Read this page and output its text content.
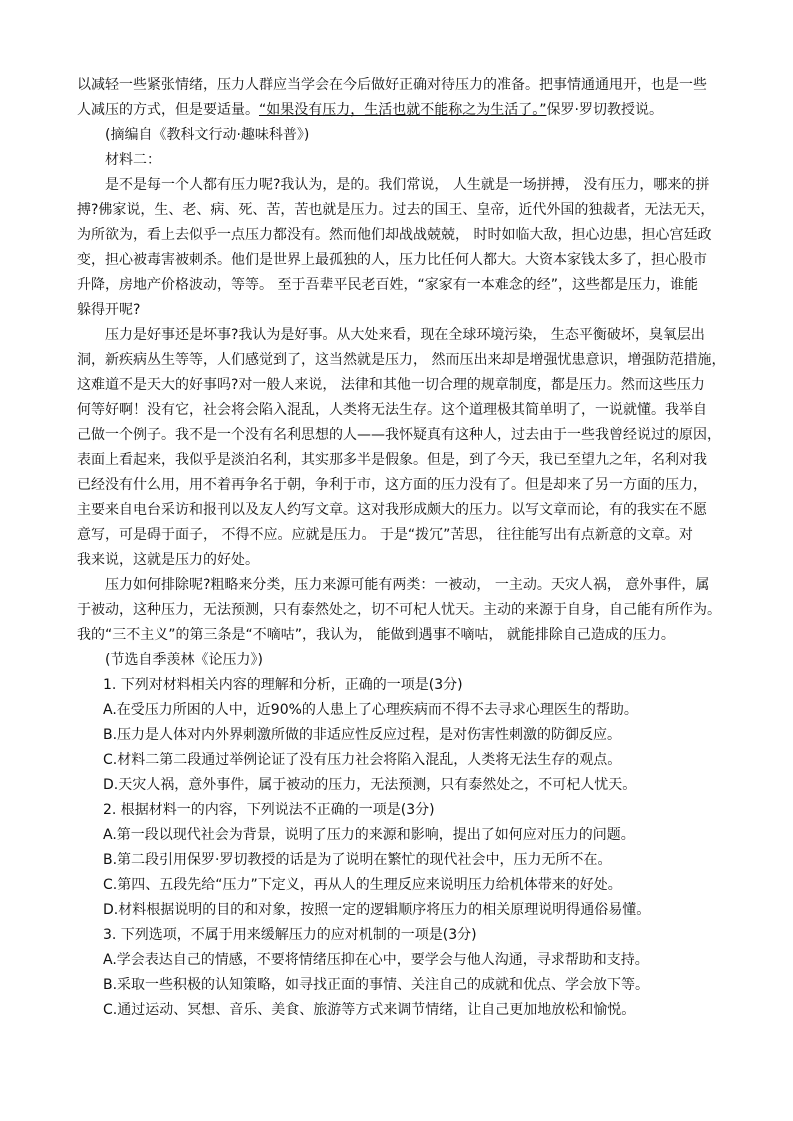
以减轻一些紧张情绪，压力人群应当学会在今后做好正确对待压力的准备。把事情通通甩开，也是一些
人减压的方式，但是要适量。“如果没有压力，生活也就不能称之为生活了。”保罗·罗切教授说。
(摘编自《教科文行动·趣味科普》)
材料二：
是不是每一个人都有压力呢?我认为，是的。我们常说， 人生就是一场拼搏， 没有压力，哪来的拼
搏?佛家说，生、老、病、死、苦，苦也就是压力。过去的国王、皇帝，近代外国的独裁者，无法无天，
为所欲为，看上去似乎一点压力都没有。然而他们却战战兢兢， 时时如临大敌，担心边患，担心宫廷政
变，担心被毒害被刺杀。他们是世界上最孤独的人，压力比任何人都大。大资本家钱太多了，担心股市
升降，房地产价格波动，等等。 至于吾辈平民老百姓，“家家有一本难念的经”，这些都是压力，谁能
躲得开呢?
压力是好事还是坏事?我认为是好事。从大处来看，现在全球环境污染， 生态平衡破坏，臭氧层出
洞，新疾病丛生等等，人们感觉到了，这当然就是压力， 然而压出来却是增强忧患意识，增强防范措施，
这难道不是天大的好事吗?对一般人来说， 法律和其他一切合理的规章制度，都是压力。然而这些压力
何等好啊！没有它，社会将会陷入混乱，人类将无法生存。这个道理极其简单明了，一说就懂。我举自
己做一个例子。我不是一个没有名利思想的人——我怀疑真有这种人，过去由于一些我曾经说过的原因，
表面上看起来，我似乎是淡泊名利，其实那多半是假象。但是，到了今天，我已至望九之年，名利对我
已经没有什么用，用不着再争名于朝，争利于市，这方面的压力没有了。但是却来了另一方面的压力，
主要来自电台采访和报刊以及友人约写文章。这对我形成颇大的压力。以写文章而论，有的我实在不愿
意写，可是碍于面子， 不得不应。应就是压力。 于是“拨冗”苦思， 往往能写出有点新意的文章。对
我来说，这就是压力的好处。
压力如何排除呢?粗略来分类，压力来源可能有两类：一被动， 一主动。天灾人祸， 意外事件，属
于被动，这种压力，无法预测，只有泰然处之，切不可杞人忧天。主动的来源于自身，自己能有所作为。
我的“三不主义”的第三条是“不嘀咕”，我认为， 能做到遇事不嘀咕， 就能排除自己造成的压力。
(节选自季羡林《论压力》)
1. 下列对材料相关内容的理解和分析，正确的一项是(3分)
A.在受压力所困的人中，近90%的人患上了心理疾病而不得不去寻求心理医生的帮助。
B.压力是人体对内外界刺激所做的非适应性反应过程，是对伤害性刺激的防御反应。
C.材料二第二段通过举例论证了没有压力社会将陷入混乱，人类将无法生存的观点。
D.天灾人祸，意外事件，属于被动的压力，无法预测，只有泰然处之，不可杞人忧天。
2. 根据材料一的内容，下列说法不正确的一项是(3分)
A.第一段以现代社会为背景，说明了压力的来源和影响，提出了如何应对压力的问题。
B.第二段引用保罗·罗切教授的话是为了说明在繁忙的现代社会中，压力无所不在。
C.第四、五段先给“压力”下定义，再从人的生理反应来说明压力给机体带来的好处。
D.材料根据说明的目的和对象，按照一定的逻辑顺序将压力的相关原理说明得通俗易懂。
3. 下列选项，不属于用来缓解压力的应对机制的一项是(3分)
A.学会表达自己的情感，不要将情绪压抑在心中，要学会与他人沟通，寻求帮助和支持。
B.采取一些积极的认知策略，如寻找正面的事情、关注自己的成就和优点、学会放下等。
C.通过运动、冥想、音乐、美食、旅游等方式来调节情绪，让自己更加地放松和愉悦。
